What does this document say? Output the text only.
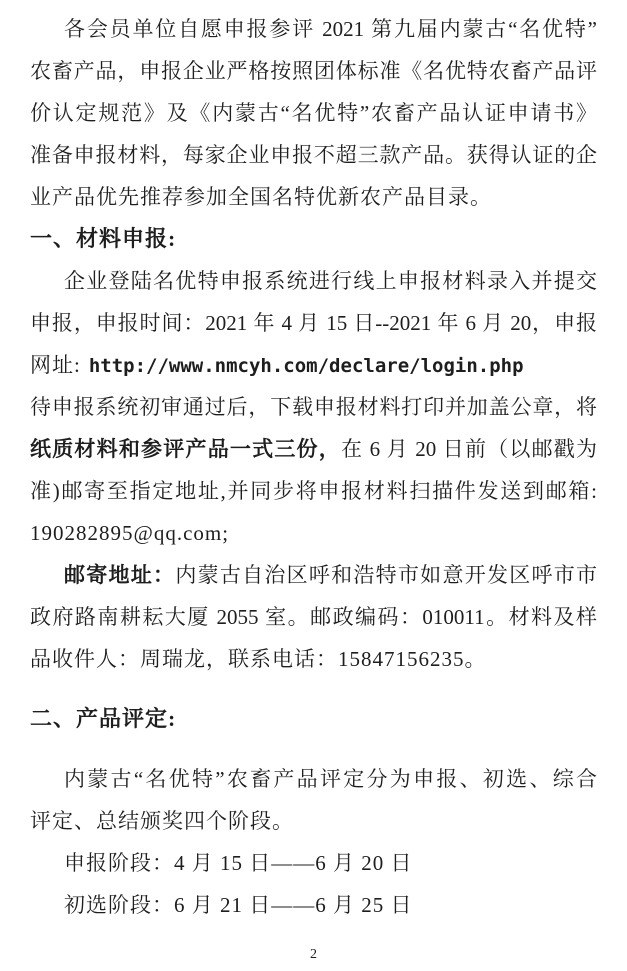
各会员单位自愿申报参评 2021 第九届内蒙古“名优特”
农畜产品，申报企业严格按照团体标准《名优特农畜产品评
价认定规范》及《内蒙古“名优特”农畜产品认证申请书》
准备申报材料，每家企业申报不超三款产品。获得认证的企
业产品优先推荐参加全国名特优新农产品目录。
一、材料申报:
企业登陆名优特申报系统进行线上申报材料录入并提交
申报，申报时间：2021 年 4 月 15 日--2021 年 6 月 20，申报
网址: http://www.nmcyh.com/declare/login.php
待申报系统初审通过后，下载申报材料打印并加盖公章，将
纸质材料和参评产品一式三份，在 6 月 20 日前（以邮戳为
准)邮寄至指定地址,并同步将申报材料扫描件发送到邮箱:
190282895@qq.com;
邮寄地址：内蒙古自治区呼和浩特市如意开发区呼市市
政府路南耕耘大厦 2055 室。邮政编码：010011。材料及样
品收件人：周瑞龙，联系电话：15847156235。
二、产品评定:
内蒙古“名优特”农畜产品评定分为申报、初选、综合
评定、总结颁奖四个阶段。
申报阶段：4 月 15 日——6 月 20 日
初选阶段：6 月 21 日——6 月 25 日
2
